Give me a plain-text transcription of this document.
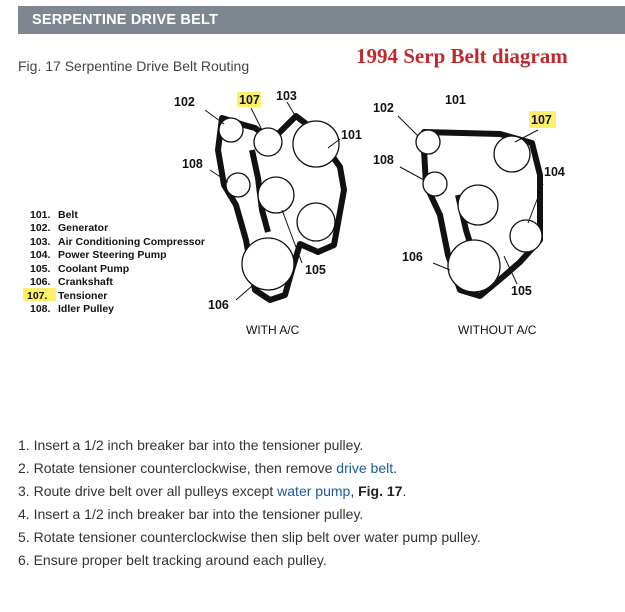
SERPENTINE DRIVE BELT
Fig. 17 Serpentine Drive Belt Routing	1994 Serp Belt diagram
102	107 103
101
108
105
106
102
101
107
108
104
106
105
101. Belt
102. Generator
103. Air Conditioning Compressor
104. Power Steering Pump
105. Coolant Pump
106. Crankshaft
107. Tensioner
108. Idler Pulley
WITH A/C	WITHOUT A/C
1. Insert a 1/2 inch breaker bar into the tensioner pulley.
2. Rotate tensioner counterclockwise, then remove drive belt.
3. Route drive belt over all pulleys except water pump, Fig. 17.
4. Insert a 1/2 inch breaker bar into the tensioner pulley.
5. Rotate tensioner counterclockwise then slip belt over water pump pulley.
6. Ensure proper belt tracking around each pulley.
